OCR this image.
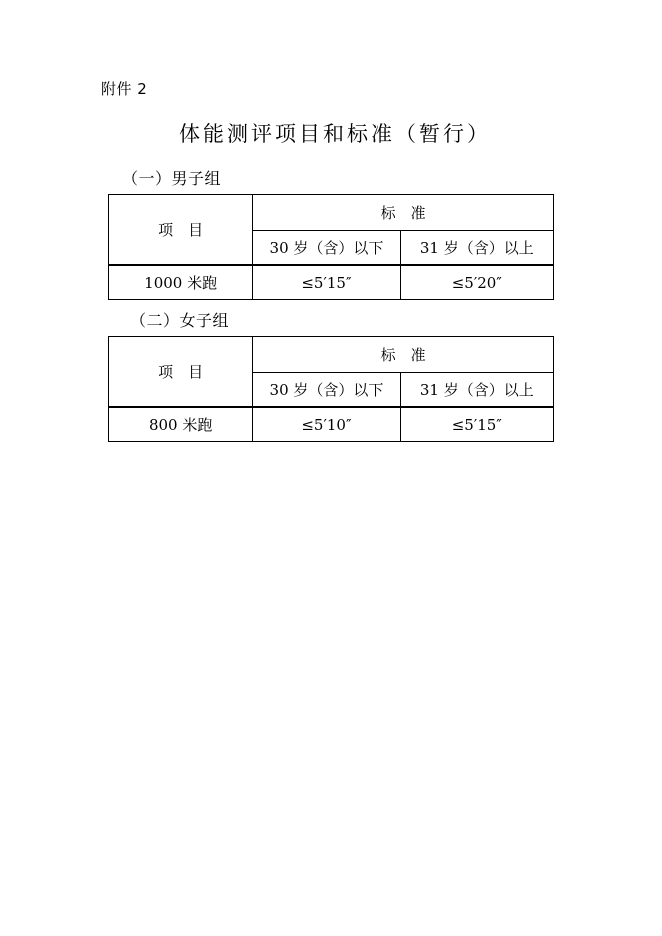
附件 2
体能测评项目和标准（暂行）
（一）男子组
项　目	标　准	
	30 岁（含）以下	31 岁（含）以上
1000 米跑	≤5′15″	≤5′20″
（二）女子组
项　目	标　准	
	30 岁（含）以下	31 岁（含）以上
800 米跑	≤5′10″	≤5′15″
